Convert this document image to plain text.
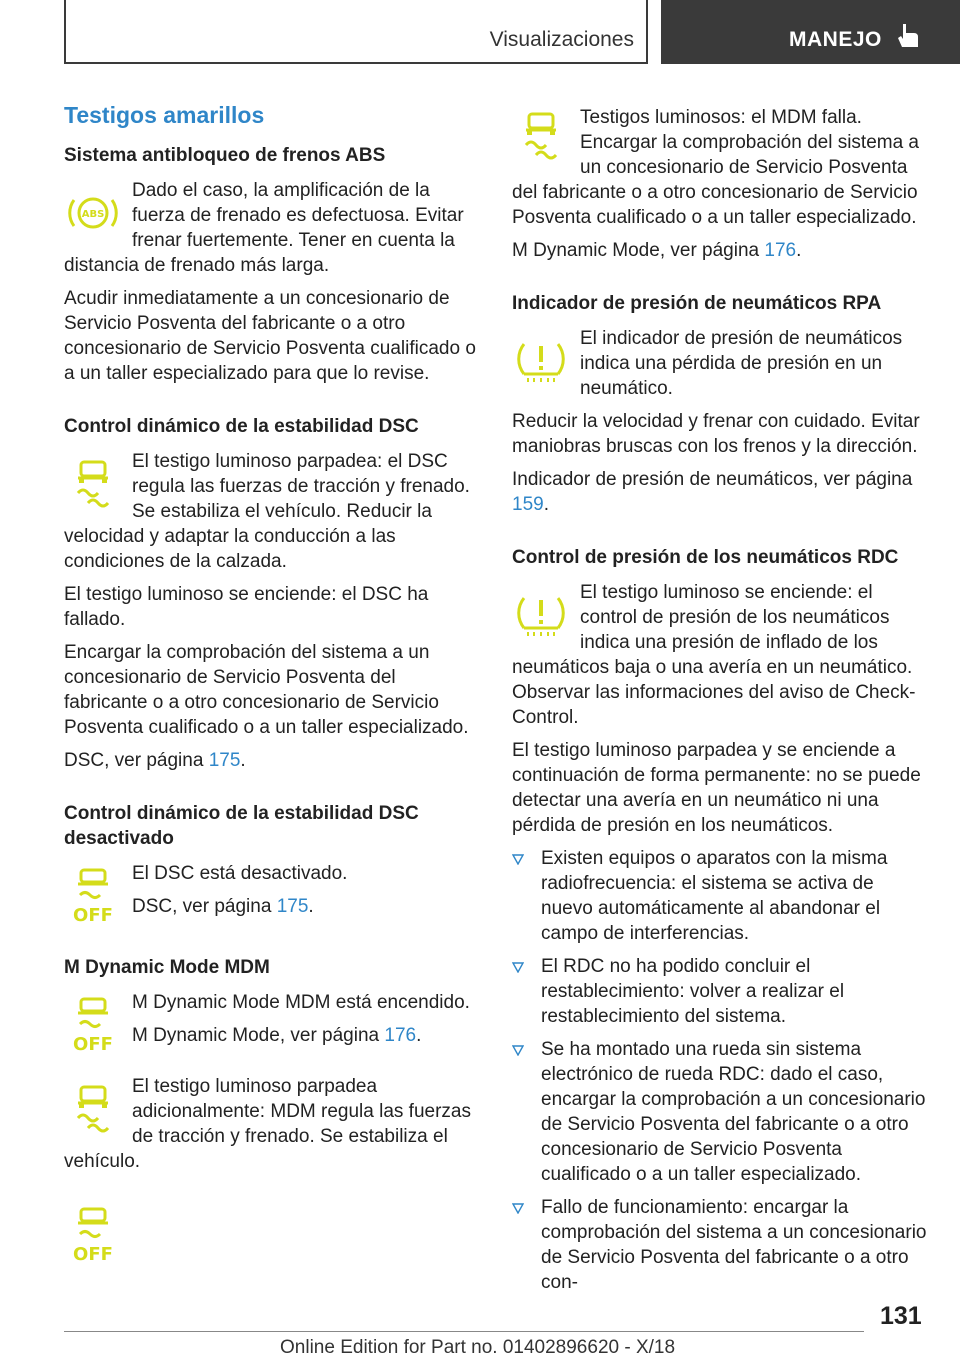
Visualizaciones	MANEJO
Testigos amarillos
Sistema antibloqueo de frenos ABS

Dado el caso, la amplificación de la fuerza de frenado es defectuosa. Evitar frenar fuertemente. Tener en cuenta la distancia de frenado más larga.

Acudir inmediatamente a un concesionario de Servicio Posventa del fabricante o a otro concesionario de Servicio Posventa cualificado o a un taller especializado para que lo revise.

Control dinámico de la estabilidad DSC

El testigo luminoso parpadea: el DSC regula las fuerzas de tracción y frenado. Se estabiliza el vehículo. Reducir la velocidad y adaptar la conducción a las condiciones de la calzada.

El testigo luminoso se enciende: el DSC ha fallado.

Encargar la comprobación del sistema a un concesionario de Servicio Posventa del fabricante o a otro concesionario de Servicio Posventa cualificado o a un taller especializado.

DSC, ver página 175.

Control dinámico de la estabilidad DSC desactivado

El DSC está desactivado.

DSC, ver página 175.

M Dynamic Mode MDM

M Dynamic Mode MDM está encendido.

M Dynamic Mode, ver página 176.

El testigo luminoso parpadea adicionalmente: MDM regula las fuerzas de tracción y frenado. Se estabiliza el vehículo.

Testigos luminosos: el MDM falla. Encargar la comprobación del sistema a un concesionario de Servicio Posventa del fabricante o a otro concesionario de Servicio Posventa cualificado o a un taller especializado.

M Dynamic Mode, ver página 176.

Indicador de presión de neumáticos RPA

El indicador de presión de neumáticos indica una pérdida de presión en un neumático.

Reducir la velocidad y frenar con cuidado. Evitar maniobras bruscas con los frenos y la dirección.

Indicador de presión de neumáticos, ver página 159.

Control de presión de los neumáticos RDC

El testigo luminoso se enciende: el control de presión de los neumáticos indica una presión de inflado de los neumáticos baja o una avería en un neumático. Observar las informaciones del aviso de Check-Control.

El testigo luminoso parpadea y se enciende a continuación de forma permanente: no se puede detectar una avería en un neumático ni una pérdida de presión en los neumáticos.

Existen equipos o aparatos con la misma radiofrecuencia: el sistema se activa de nuevo automáticamente al abandonar el campo de interferencias.
El RDC no ha podido concluir el restablecimiento: volver a realizar el restablecimiento del sistema.
Se ha montado una rueda sin sistema electrónico de rueda RDC: dado el caso, encargar la comprobación a un concesionario de Servicio Posventa del fabricante o a otro concesionario de Servicio Posventa cualificado o a un taller especializado.
Fallo de funcionamiento: encargar la comprobación del sistema a un concesionario de Servicio Posventa del fabricante o a otro con-
131
Online Edition for Part no. 01402896620 - X/18
